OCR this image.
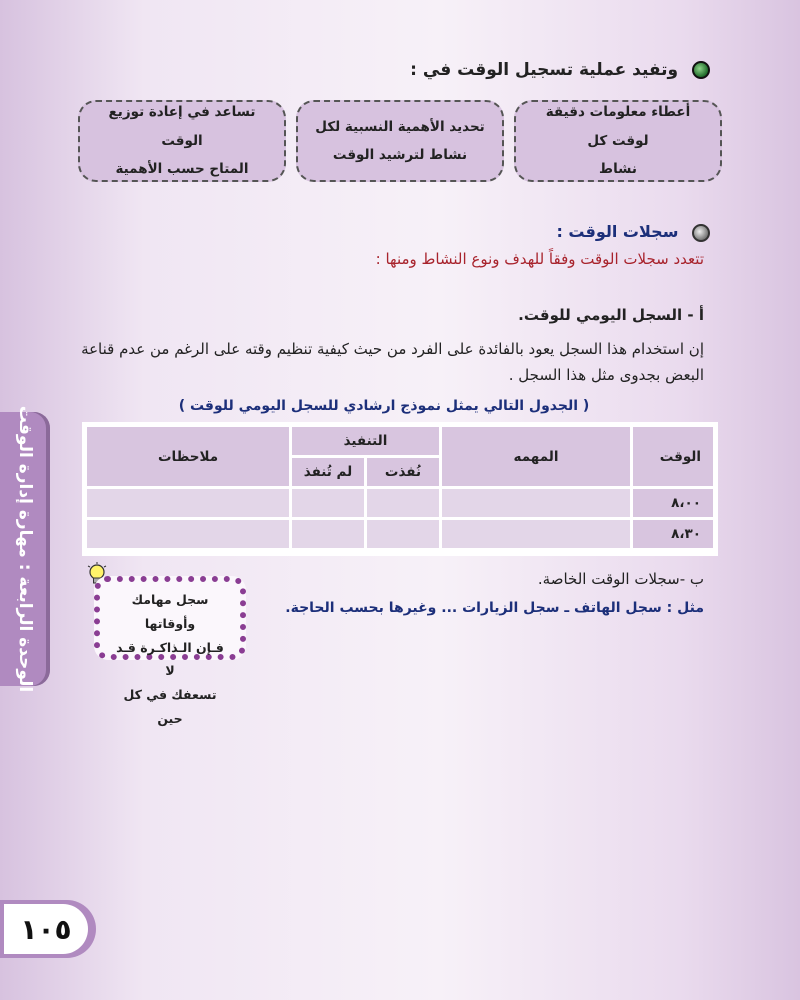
وتفيد عملية تسجيل الوقت في :
أعطاء معلومات دقيقة لوقت كل
نشاط
تحديد الأهمية النسبية لكل
نشاط لترشيد الوقت
تساعد في إعادة توزيع الوقت
المتاح حسب الأهمية
سجلات الوقت :
تتعدد سجلات الوقت وفقاً للهدف ونوع النشاط ومنها :
أ - السجل اليومي للوقت.
إن استخدام هذا السجل يعود بالفائدة على الفرد من حيث كيفية تنظيم وقته على الرغم من عدم قناعة
البعض بجدوى مثل هذا السجل .
( الجدول التالي يمثل نموذج ارشادي للسجل اليومي للوقت )
الوقت	المهمه	التنفيذ		ملاحظات
		نُفذت	لم تُنفذ	
٨،٠٠				
٨،٣٠				
الوحدة الرابعة : مهارة إدارة الوقت	سجل مهامك وأوقاتها
فـإن الـذاكـرة قـد لا
تسعفك في كل حين
ب -سجلات الوقت الخاصة.
مثل : سجل الهاتف ـ سجل الزيارات ... وغيرها بحسب الحاجة.
١٠٥
